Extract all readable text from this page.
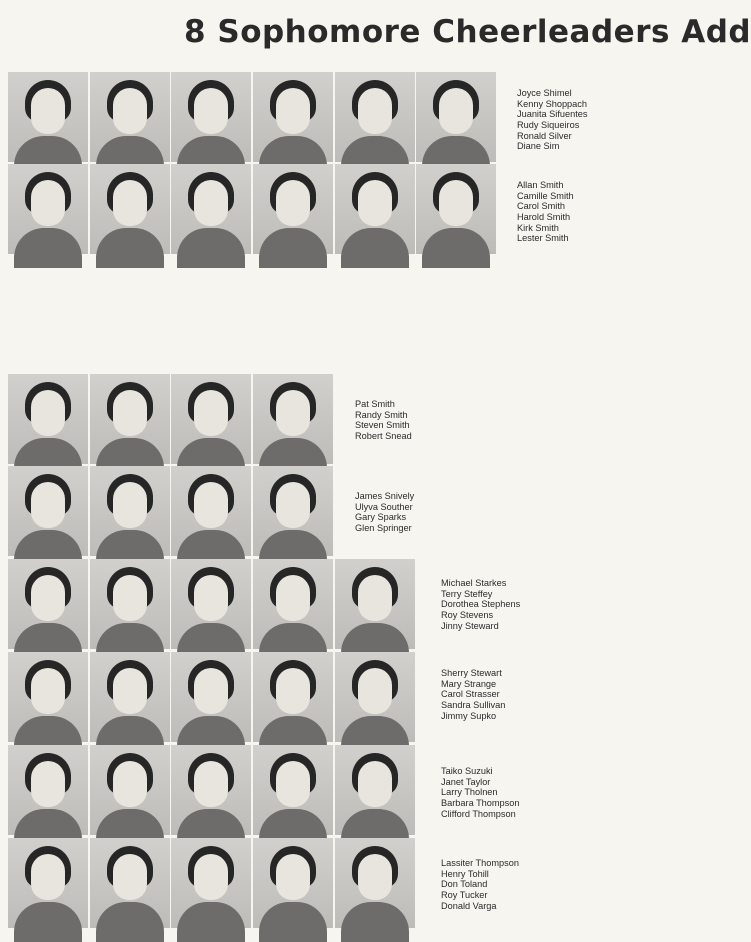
8 Sophomore Cheerleaders Add
Joyce Shimel
Kenny Shoppach
Juanita Sifuentes
Rudy Siqueiros
Ronald Silver
Diane Sim
Allan Smith
Camille Smith
Carol Smith
Harold Smith
Kirk Smith
Lester Smith
Pat Smith
Randy Smith
Steven Smith
Robert Snead
James Snively
Ulyva Souther
Gary Sparks
Glen Springer
Michael Starkes
Terry Steffey
Dorothea Stephens
Roy Stevens
Jinny Steward
Sherry Stewart
Mary Strange
Carol Strasser
Sandra Sullivan
Jimmy Supko
Taiko Suzuki
Janet Taylor
Larry Tholnen
Barbara Thompson
Clifford Thompson
Lassiter Thompson
Henry Tohill
Don Toland
Roy Tucker
Donald Varga
